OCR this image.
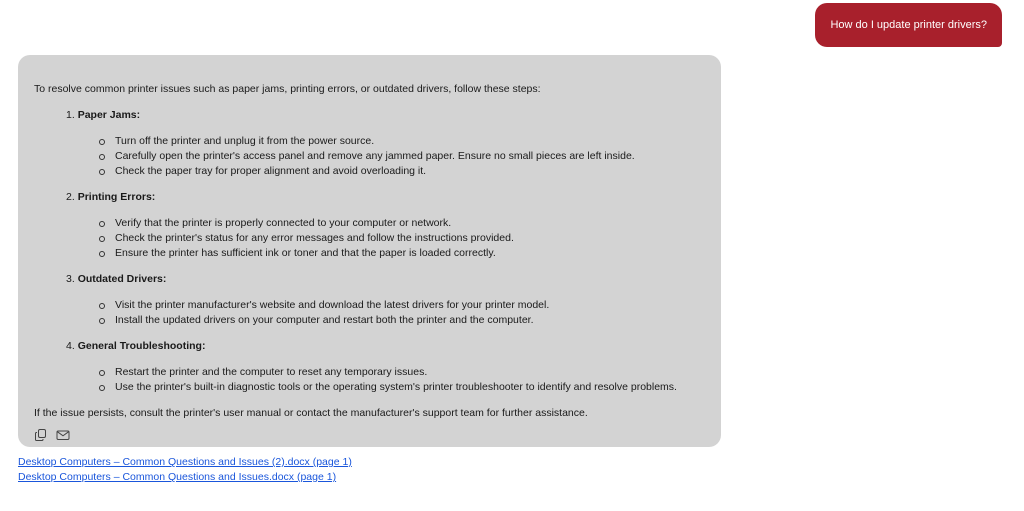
How do I update printer drivers?

To resolve common printer issues such as paper jams, printing errors, or outdated drivers, follow these steps:

1. Paper Jams:
Turn off the printer and unplug it from the power source.
Carefully open the printer's access panel and remove any jammed paper. Ensure no small pieces are left inside.
Check the paper tray for proper alignment and avoid overloading it.
2. Printing Errors:
Verify that the printer is properly connected to your computer or network.
Check the printer's status for any error messages and follow the instructions provided.
Ensure the printer has sufficient ink or toner and that the paper is loaded correctly.
3. Outdated Drivers:
Visit the printer manufacturer's website and download the latest drivers for your printer model.
Install the updated drivers on your computer and restart both the printer and the computer.
4. General Troubleshooting:
Restart the printer and the computer to reset any temporary issues.
Use the printer's built-in diagnostic tools or the operating system's printer troubleshooter to identify and resolve problems.

If the issue persists, consult the printer's user manual or contact the manufacturer's support team for further assistance.

Desktop Computers – Common Questions and Issues (2).docx (page 1)
Desktop Computers – Common Questions and Issues.docx (page 1)
